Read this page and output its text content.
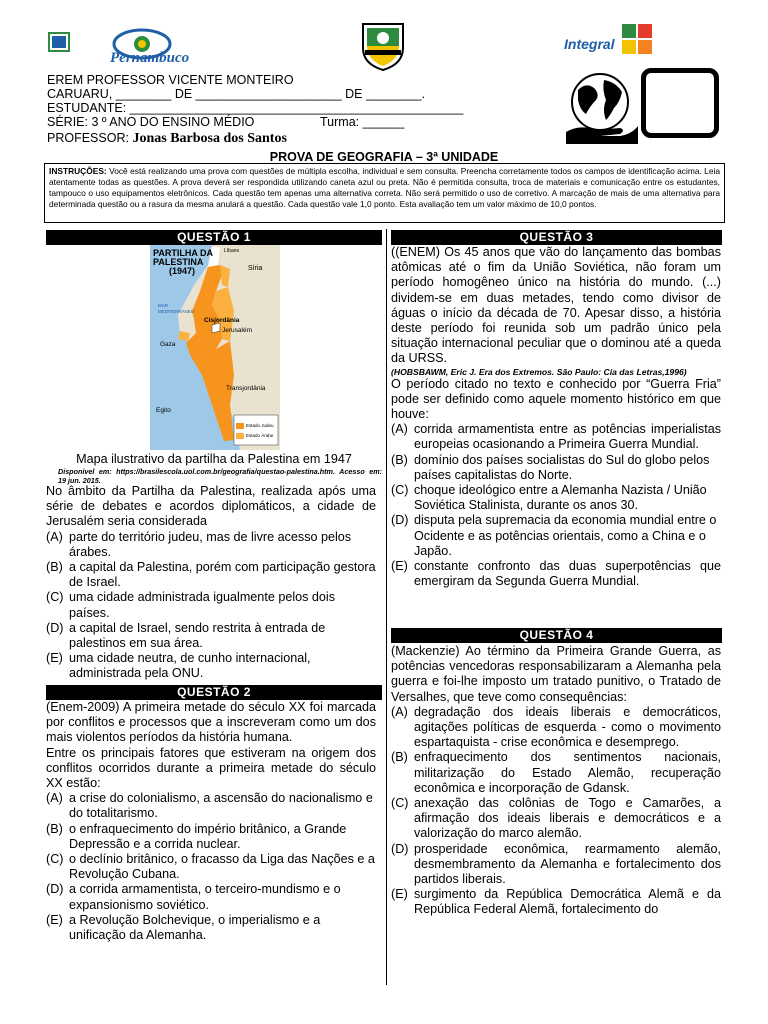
Pernambuco
Integral
EREM PROFESSOR VICENTE MONTEIRO
CARUARU, ________ DE _____________________ DE ________.
ESTUDANTE: ________________________________________________
SÉRIE: 3 º ANO DO ENSINO MÉDIO	Turma: ______
PROFESSOR: Jonas Barbosa dos Santos
PROVA DE GEOGRAFIA – 3ª UNIDADE
INSTRUÇÕES: Você está realizando uma prova com questões de múltipla escolha, individual e sem consulta. Preencha corretamente todos os campos de identificação acima. Leia atentamente todas as questões. A prova deverá ser respondida utilizando caneta azul ou preta. Não é permitida consulta, troca de materiais e comunicação entre os estudantes, tampouco o uso equipamentos eletrônicos. Cada questão tem apenas uma alternativa correta. Não será permitido o uso de corretivo. A marcação de mais de uma alternativa para determinada questão ou a rasura da mesma anulará a questão. Cada questão vale 1,0 ponto. Esta avaliação tem um valor máximo de 10,0 pontos.
QUESTÃO 1
PARTILHA DA
PALESTINA
(1947)
Líbano
Síria
MAR MEDITERRÂNEO
Cisjordânia
Jerusalém
Gaza
Transjordânia
Egito
Estado Judeu
Estado Árabe

Mapa ilustrativo da partilha da Palestina em 1947

Disponível em: https://brasilescola.uol.com.br/geografia/questao-palestina.htm. Acesso em: 19 jun. 2015.

No âmbito da Partilha da Palestina, realizada após uma série de debates e acordos diplomáticos, a cidade de Jerusalém seria considerada

(A) parte do território judeu, mas de livre acesso pelos árabes.
(B) a capital da Palestina, porém com participação gestora de Israel.
(C) uma cidade administrada igualmente pelos dois países.
(D) a capital de Israel, sendo restrita à entrada de palestinos em sua área.
(E) uma cidade neutra, de cunho internacional, administrada pela ONU.
QUESTÃO 2

(Enem-2009) A primeira metade do século XX foi marcada por conflitos e processos que a inscreveram como um dos mais violentos períodos da história humana.

Entre os principais fatores que estiveram na origem dos conflitos ocorridos durante a primeira metade do século XX estão:

(A) a crise do colonialismo, a ascensão do nacionalismo e do totalitarismo.
(B) o enfraquecimento do império britânico, a Grande Depressão e a corrida nuclear.
(C) o declínio britânico, o fracasso da Liga das Nações e a Revolução Cubana.
(D) a corrida armamentista, o terceiro-mundismo e o expansionismo soviético.
(E) a Revolução Bolchevique, o imperialismo e a unificação da Alemanha.
QUESTÃO 3

((ENEM) Os 45 anos que vão do lançamento das bombas atômicas até o fim da União Soviética, não foram um período homogêneo único na história do mundo. (...) dividem-se em duas metades, tendo como divisor de águas o início da década de 70. Apesar disso, a história deste período foi reunida sob um padrão único pela situação internacional peculiar que o dominou até a queda da URSS.

(HOBSBAWM, Eric J. Era dos Extremos. São Paulo: Cia das Letras,1996)

O período citado no texto e conhecido por “Guerra Fria” pode ser definido como aquele momento histórico em que houve:

(A) corrida armamentista entre as potências imperialistas europeias ocasionando a Primeira Guerra Mundial.
(B) domínio dos países socialistas do Sul do globo pelos países capitalistas do Norte.
(C) choque ideológico entre a Alemanha Nazista / União Soviética Stalinista, durante os anos 30.
(D) disputa pela supremacia da economia mundial entre o Ocidente e as potências orientais, como a China e o Japão.
(E) constante confronto das duas superpotências que emergiram da Segunda Guerra Mundial.
QUESTÃO 4

(Mackenzie) Ao término da Primeira Grande Guerra, as potências vencedoras responsabilizaram a Alemanha pela guerra e foi-lhe imposto um tratado punitivo, o Tratado de Versalhes, que teve como consequências:

(A) degradação dos ideais liberais e democráticos, agitações políticas de esquerda - como o movimento espartaquista - crise econômica e desemprego.
(B) enfraquecimento dos sentimentos nacionais, militarização do Estado Alemão, recuperação econômica e incorporação de Gdansk.
(C) anexação das colônias de Togo e Camarões, a afirmação dos ideais liberais e democráticos e a valorização do marco alemão.
(D) prosperidade econômica, rearmamento alemão, desmembramento da Alemanha e fortalecimento dos partidos liberais.
(E) surgimento da República Democrática Alemã e da República Federal Alemã, fortalecimento do
